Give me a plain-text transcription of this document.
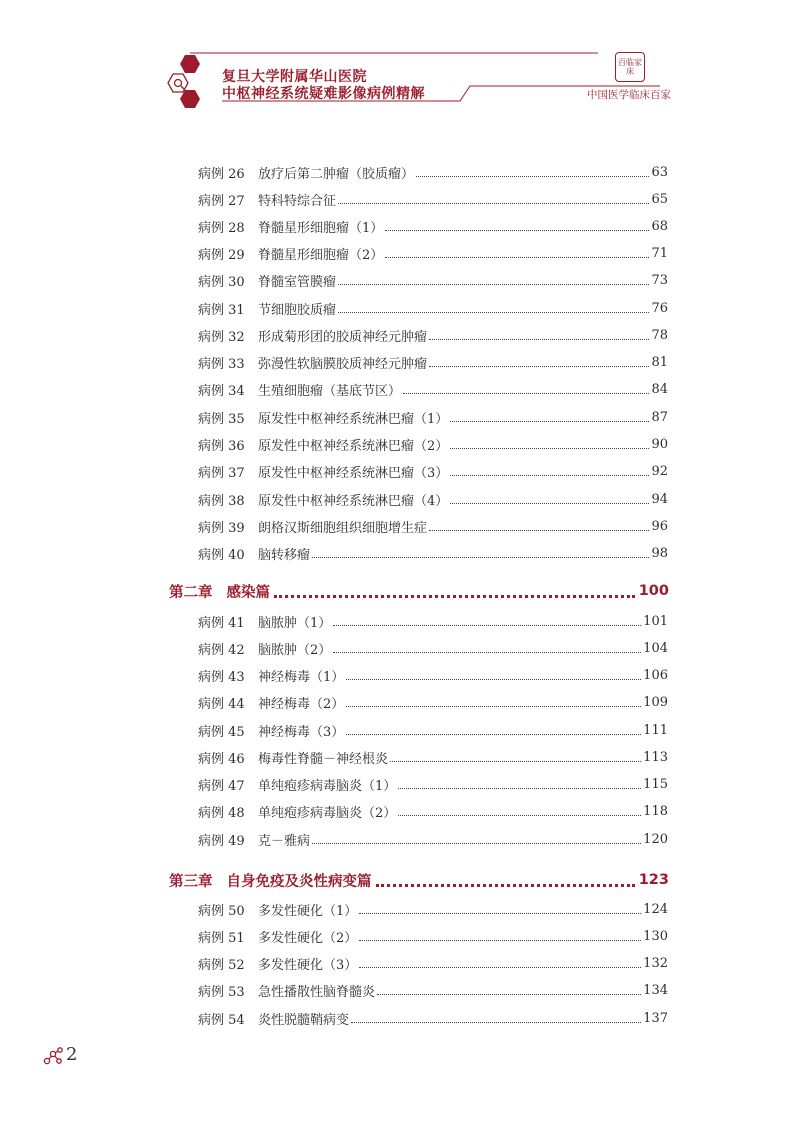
复旦大学附属华山医院
中枢神经系统疑难影像病例精解
百临家床
中国医学临床百家
病例 26	放疗后第二肿瘤（胶质瘤）	63
病例 27	特科特综合征	65
病例 28	脊髓星形细胞瘤（1）	68
病例 29	脊髓星形细胞瘤（2）	71
病例 30	脊髓室管膜瘤	73
病例 31	节细胞胶质瘤	76
病例 32	形成菊形团的胶质神经元肿瘤	78
病例 33	弥漫性软脑膜胶质神经元肿瘤	81
病例 34	生殖细胞瘤（基底节区）	84
病例 35	原发性中枢神经系统淋巴瘤（1）	87
病例 36	原发性中枢神经系统淋巴瘤（2）	90
病例 37	原发性中枢神经系统淋巴瘤（3）	92
病例 38	原发性中枢神经系统淋巴瘤（4）	94
病例 39	朗格汉斯细胞组织细胞增生症	96
病例 40	脑转移瘤	98
第二章 感染篇	100
病例 41	脑脓肿（1）	101
病例 42	脑脓肿（2）	104
病例 43	神经梅毒（1）	106
病例 44	神经梅毒（2）	109
病例 45	神经梅毒（3）	111
病例 46	梅毒性脊髓－神经根炎	113
病例 47	单纯疱疹病毒脑炎（1）	115
病例 48	单纯疱疹病毒脑炎（2）	118
病例 49	克－雅病	120
第三章 自身免疫及炎性病变篇	123
病例 50	多发性硬化（1）	124
病例 51	多发性硬化（2）	130
病例 52	多发性硬化（3）	132
病例 53	急性播散性脑脊髓炎	134
病例 54	炎性脱髓鞘病变	137
2
